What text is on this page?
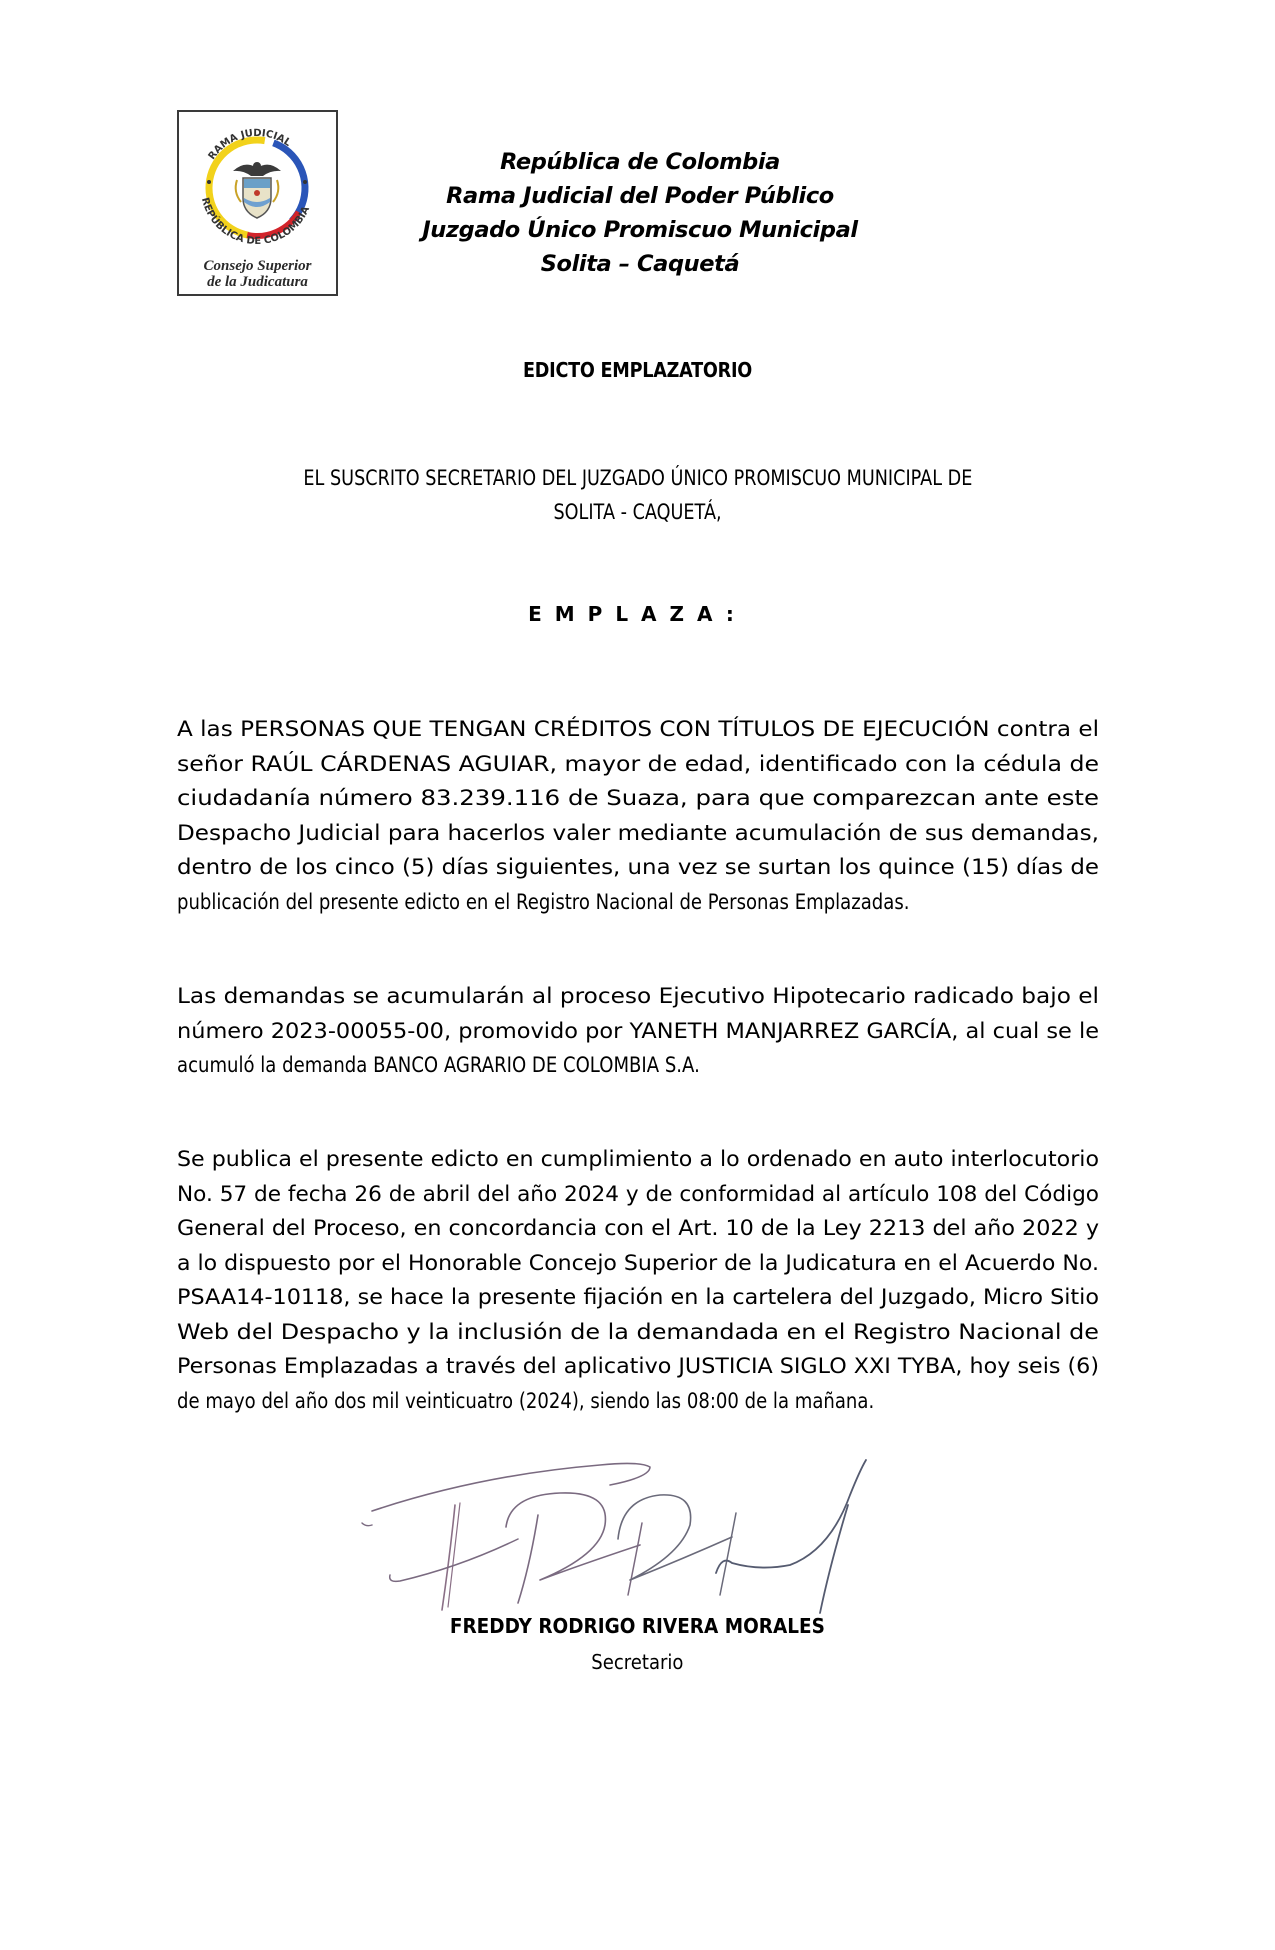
RAMA JUDICIAL
REPÚBLICA DE COLOMBIA
Consejo Superior
de la Judicatura
República de Colombia
Rama Judicial del Poder Público
Juzgado Único Promiscuo Municipal
Solita – Caquetá
EDICTO EMPLAZATORIO
EL SUSCRITO SECRETARIO DEL JUZGADO ÚNICO PROMISCUO MUNICIPAL DE
SOLITA - CAQUETÁ,
EMPLAZA:
A las PERSONAS QUE TENGAN CRÉDITOS CON TÍTULOS DE EJECUCIÓN contra el
señor RAÚL CÁRDENAS AGUIAR, mayor de edad, identificado con la cédula de
ciudadanía número 83.239.116 de Suaza, para que comparezcan ante este
Despacho Judicial para hacerlos valer mediante acumulación de sus demandas,
dentro de los cinco (5) días siguientes, una vez se surtan los quince (15) días de
publicación del presente edicto en el Registro Nacional de Personas Emplazadas.
Las demandas se acumularán al proceso Ejecutivo Hipotecario radicado bajo el
número 2023-00055-00, promovido por YANETH MANJARREZ GARCÍA, al cual se le
acumuló la demanda BANCO AGRARIO DE COLOMBIA S.A.
Se publica el presente edicto en cumplimiento a lo ordenado en auto interlocutorio
No. 57 de fecha 26 de abril del año 2024 y de conformidad al artículo 108 del Código
General del Proceso, en concordancia con el Art. 10 de la Ley 2213 del año 2022 y
a lo dispuesto por el Honorable Concejo Superior de la Judicatura en el Acuerdo No.
PSAA14-10118, se hace la presente fijación en la cartelera del Juzgado, Micro Sitio
Web del Despacho y la inclusión de la demandada en el Registro Nacional de
Personas Emplazadas a través del aplicativo JUSTICIA SIGLO XXI TYBA, hoy seis (6)
de mayo del año dos mil veinticuatro (2024), siendo las 08:00 de la mañana.
FREDDY RODRIGO RIVERA MORALES
Secretario
